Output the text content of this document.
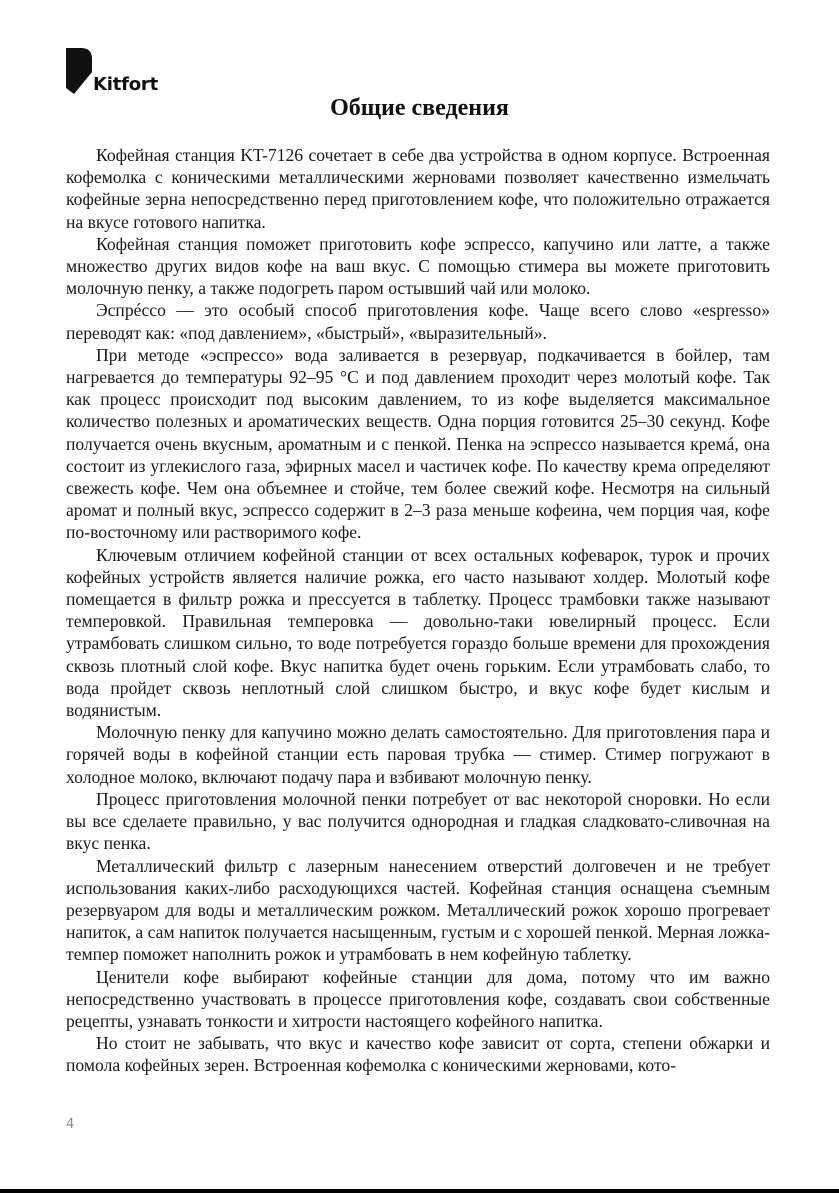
Kitfort
Общие сведения

Кофейная станция KT-7126 сочетает в себе два устройства в одном корпусе. Встроенная кофемолка с коническими металлическими жерновами позволяет качественно измельчать кофейные зерна непосредственно перед приготовлением кофе, что положительно отражается на вкусе готового напитка.

Кофейная станция поможет приготовить кофе эспрессо, капучино или латте, а также множество других видов кофе на ваш вкус. С помощью стимера вы можете приготовить молочную пенку, а также подогреть паром остывший чай или молоко.

Эспрéссо — это особый способ приготовления кофе. Чаще всего слово «espresso» переводят как: «под давлением», «быстрый», «выразительный».

При методе «эспрессо» вода заливается в резервуар, подкачивается в бойлер, там нагревается до температуры 92–95 °С и под давлением проходит через молотый кофе. Так как процесс происходит под высоким давлением, то из кофе выделяется максимальное количество полезных и ароматических веществ. Одна порция готовится 25–30 секунд. Кофе получается очень вкусным, ароматным и с пенкой. Пенка на эспрессо называется кремá, она состоит из углекислого газа, эфирных масел и частичек кофе. По качеству крема определяют свежесть кофе. Чем она объемнее и стойче, тем более свежий кофе. Несмотря на сильный аромат и полный вкус, эспрессо содержит в 2–3 раза меньше кофеина, чем порция чая, кофе по-восточному или растворимого кофе.

Ключевым отличием кофейной станции от всех остальных кофеварок, турок и прочих кофейных устройств является наличие рожка, его часто называют холдер. Молотый кофе помещается в фильтр рожка и прессуется в таблетку. Процесс трамбовки также называют темперовкой. Правильная темперовка — довольно-таки ювелирный процесс. Если утрамбовать слишком сильно, то воде потребуется гораздо больше времени для прохождения сквозь плотный слой кофе. Вкус напитка будет очень горьким. Если утрамбовать слабо, то вода пройдет сквозь неплотный слой слишком быстро, и вкус кофе будет кислым и водянистым.

Молочную пенку для капучино можно делать самостоятельно. Для приготовления пара и горячей воды в кофейной станции есть паровая трубка — стимер. Стимер погружают в холодное молоко, включают подачу пара и взбивают молочную пенку.

Процесс приготовления молочной пенки потребует от вас некоторой сноровки. Но если вы все сделаете правильно, у вас получится однородная и гладкая сладковато-сливочная на вкус пенка.

Металлический фильтр с лазерным нанесением отверстий долговечен и не требует использования каких-либо расходующихся частей. Кофейная станция оснащена съемным резервуаром для воды и металлическим рожком. Металлический рожок хорошо прогревает напиток, а сам напиток получается насыщенным, густым и с хорошей пенкой. Мерная ложка-темпер поможет наполнить рожок и утрамбовать в нем кофейную таблетку.

Ценители кофе выбирают кофейные станции для дома, потому что им важно непосредственно участвовать в процессе приготовления кофе, создавать свои собственные рецепты, узнавать тонкости и хитрости настоящего кофейного напитка.

Но стоит не забывать, что вкус и качество кофе зависит от сорта, степени обжарки и помола кофейных зерен. Встроенная кофемолка с коническими жерновами, кото-

4
